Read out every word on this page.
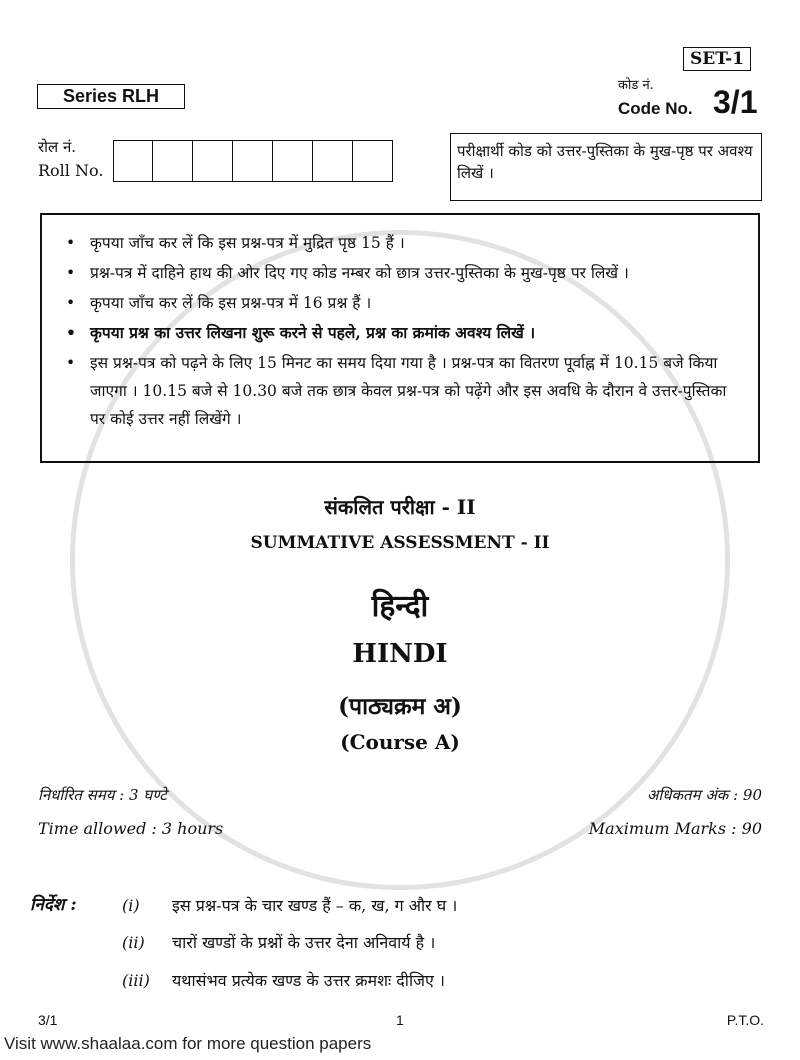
SET-1
Series RLH
कोड नं.
Code No. 3/1
रोल नं.
Roll No.
परीक्षार्थी कोड को उत्तर-पुस्तिका के मुख-पृष्ठ पर अवश्य लिखें ।
• कृपया जाँच कर लें कि इस प्रश्न-पत्र में मुद्रित पृष्ठ 15 हैं ।
• प्रश्न-पत्र में दाहिने हाथ की ओर दिए गए कोड नम्बर को छात्र उत्तर-पुस्तिका के मुख-पृष्ठ पर लिखें ।
• कृपया जाँच कर लें कि इस प्रश्न-पत्र में 16 प्रश्न हैं ।
• कृपया प्रश्न का उत्तर लिखना शुरू करने से पहले, प्रश्न का क्रमांक अवश्य लिखें ।
• इस प्रश्न-पत्र को पढ़ने के लिए 15 मिनट का समय दिया गया है । प्रश्न-पत्र का वितरण पूर्वाह्न में 10.15 बजे किया जाएगा । 10.15 बजे से 10.30 बजे तक छात्र केवल प्रश्न-पत्र को पढ़ेंगे और इस अवधि के दौरान वे उत्तर-पुस्तिका पर कोई उत्तर नहीं लिखेंगे ।
संकलित परीक्षा - II
SUMMATIVE ASSESSMENT - II
हिन्दी
HINDI
(पाठ्यक्रम अ)
(Course A)
निर्धारित समय : 3 घण्टे	अधिकतम अंक : 90
Time allowed : 3 hours	Maximum Marks : 90
निर्देश :	(i) इस प्रश्न-पत्र के चार खण्ड हैं – क, ख, ग और घ ।
(ii) चारों खण्डों के प्रश्नों के उत्तर देना अनिवार्य है ।
(iii) यथासंभव प्रत्येक खण्ड के उत्तर क्रमशः दीजिए ।
3/1	1	P.T.O.
Visit www.shaalaa.com for more question papers
